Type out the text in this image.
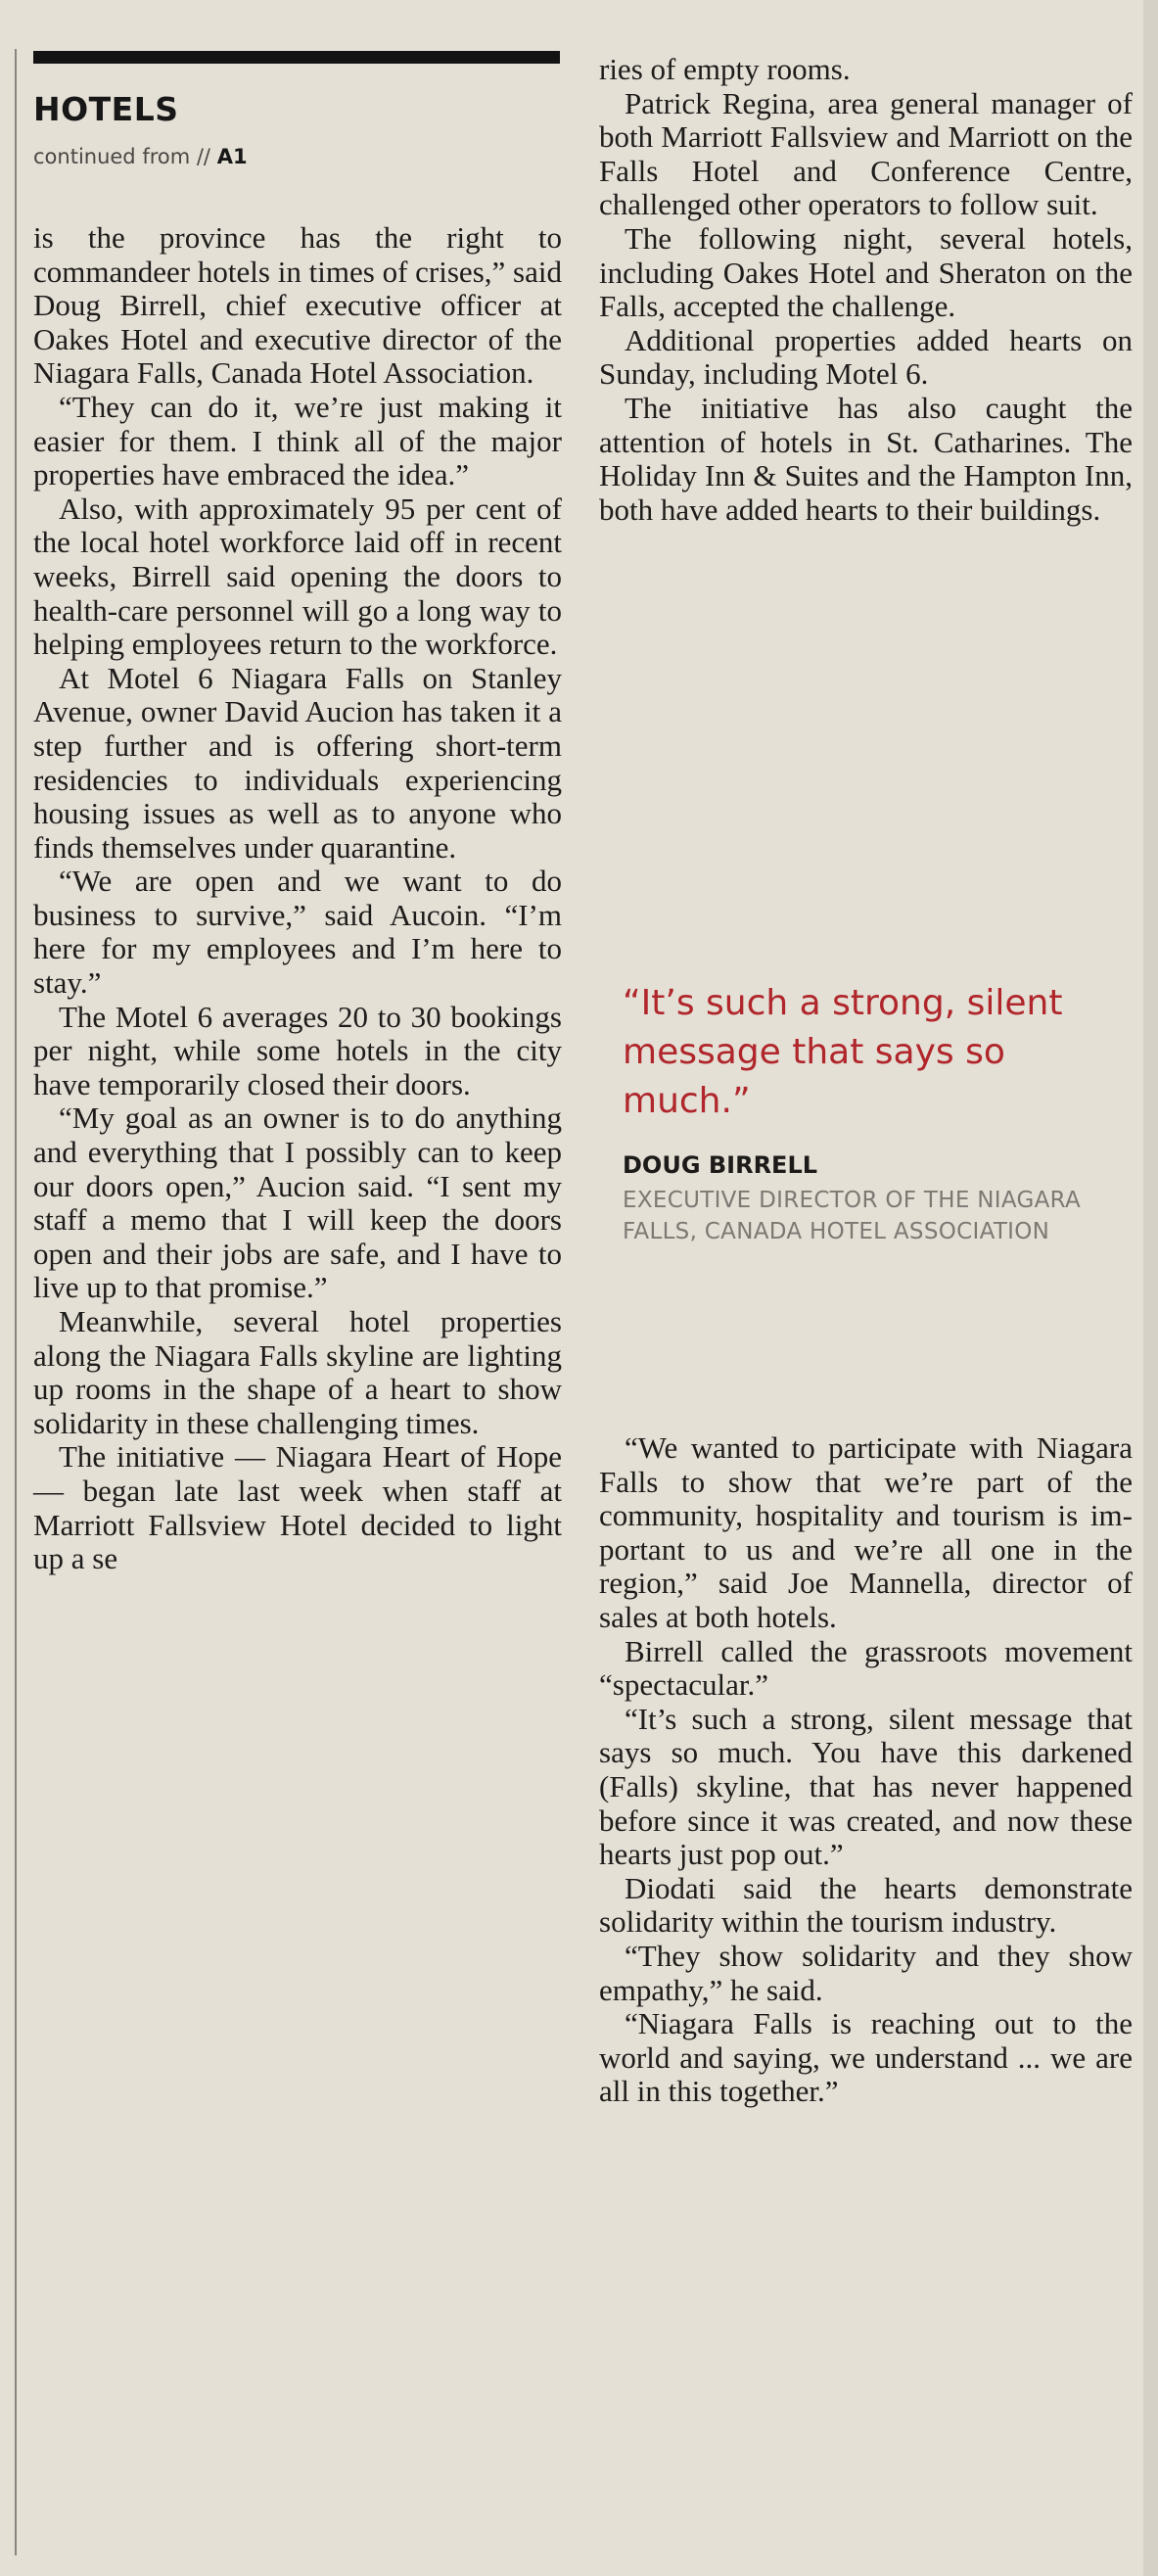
HOTELS
continued from // A1

is the province has the right to commandeer hotels in times of crises,” said Doug Birrell, chief executive officer at Oakes Hotel and executive director of the Niagara Falls, Canada Hotel Association.

“They can do it, we’re just making it easier for them. I think all of the major properties have embraced the idea.”

Also, with approximately 95 per cent of the local hotel workforce laid off in recent weeks, Birrell said opening the doors to health-care personnel will go a long way to helping employees return to the workforce.

At Motel 6 Niagara Falls on Stanley Avenue, owner David Aucion has taken it a step further and is offering short-term residencies to individuals experiencing housing issues as well as to anyone who finds themselves under quarantine.

“We are open and we want to do business to survive,” said Aucoin. “I’m here for my employees and I’m here to stay.”

The Motel 6 averages 20 to 30 bookings per night, while some hotels in the city have temporarily closed their doors.

“My goal as an owner is to do anything and everything that I possibly can to keep our doors open,” Aucion said. “I sent my staff a memo that I will keep the doors open and their jobs are safe, and I have to live up to that promise.”

Meanwhile, several hotel properties along the Niagara Falls skyline are lighting up rooms in the shape of a heart to show solidarity in these challenging times.

The initiative — Niagara Heart of Hope — began late last week when staff at Marriott Fallsview Hotel decided to light up a se

ries of empty rooms.

Patrick Regina, area general manager of both Marriott Fallsview and Marriott on the Falls Hotel and Conference Centre, challenged other operators to follow suit.

The following night, several hotels, including Oakes Hotel and Sheraton on the Falls, accepted the challenge.

Additional properties added hearts on Sunday, including Motel 6.

The initiative has also caught the attention of hotels in St. Catharines. The Holiday Inn & Suites and the Hampton Inn, both have added hearts to their buildings.

“It’s such a strong, silent message that says so much.”

DOUG BIRRELL
EXECUTIVE DIRECTOR OF THE NIAGARA FALLS, CANADA HOTEL ASSOCIATION

“We wanted to participate with Niagara Falls to show that we’re part of the community, hospitality and tourism is important to us and we’re all one in the region,” said Joe Mannella, director of sales at both hotels.

Birrell called the grassroots movement “spectacular.”

“It’s such a strong, silent message that says so much. You have this darkened (Falls) skyline, that has never happened before since it was created, and now these hearts just pop out.”

Diodati said the hearts demonstrate solidarity within the tourism industry.

“They show solidarity and they show empathy,” he said.

“Niagara Falls is reaching out to the world and saying, we understand ... we are all in this together.”
